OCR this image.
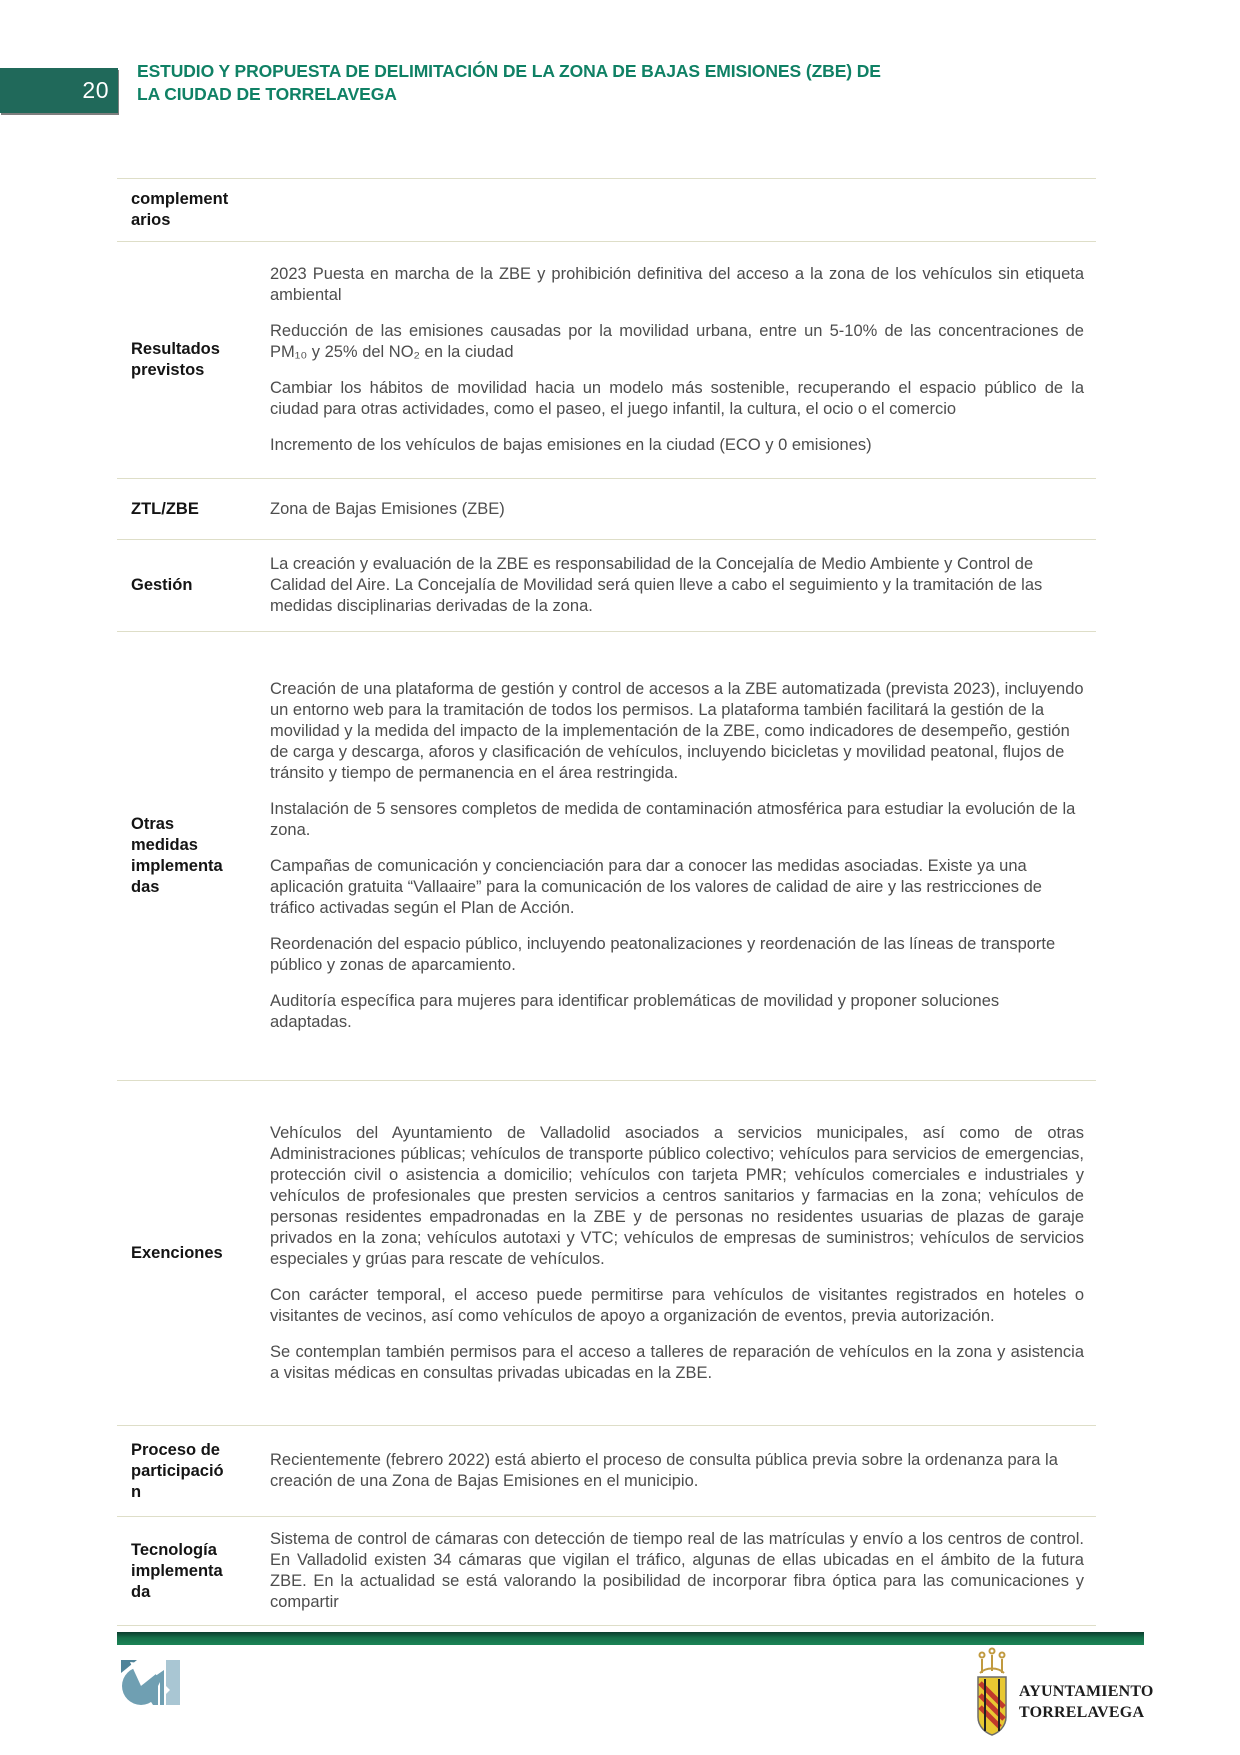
20
ESTUDIO Y PROPUESTA DE DELIMITACIÓN DE LA ZONA DE BAJAS EMISIONES (ZBE) DE LA CIUDAD DE TORRELAVEGA
complementarios
Resultados previstos

2023 Puesta en marcha de la ZBE y prohibición definitiva del acceso a la zona de los vehículos sin etiqueta ambiental

Reducción de las emisiones causadas por la movilidad urbana, entre un 5-10% de las concentraciones de PM₁₀ y 25% del NO₂ en la ciudad

Cambiar los hábitos de movilidad hacia un modelo más sostenible, recuperando el espacio público de la ciudad para otras actividades, como el paseo, el juego infantil, la cultura, el ocio o el comercio

Incremento de los vehículos de bajas emisiones en la ciudad (ECO y 0 emisiones)

ZTL/ZBE	Zona de Bajas Emisiones (ZBE)

Gestión

La creación y evaluación de la ZBE es responsabilidad de la Concejalía de Medio Ambiente y Control de Calidad del Aire. La Concejalía de Movilidad será quien lleve a cabo el seguimiento y la tramitación de las medidas disciplinarias derivadas de la zona.

Otras medidas implementadas

Creación de una plataforma de gestión y control de accesos a la ZBE automatizada (prevista 2023), incluyendo un entorno web para la tramitación de todos los permisos. La plataforma también facilitará la gestión de la movilidad y la medida del impacto de la implementación de la ZBE, como indicadores de desempeño, gestión de carga y descarga, aforos y clasificación de vehículos, incluyendo bicicletas y movilidad peatonal, flujos de tránsito y tiempo de permanencia en el área restringida.

Instalación de 5 sensores completos de medida de contaminación atmosférica para estudiar la evolución de la zona.

Campañas de comunicación y concienciación para dar a conocer las medidas asociadas. Existe ya una aplicación gratuita “Vallaaire” para la comunicación de los valores de calidad de aire y las restricciones de tráfico activadas según el Plan de Acción.

Reordenación del espacio público, incluyendo peatonalizaciones y reordenación de las líneas de transporte público y zonas de aparcamiento.

Auditoría específica para mujeres para identificar problemáticas de movilidad y proponer soluciones adaptadas.

Exenciones

Vehículos del Ayuntamiento de Valladolid asociados a servicios municipales, así como de otras Administraciones públicas; vehículos de transporte público colectivo; vehículos para servicios de emergencias, protección civil o asistencia a domicilio; vehículos con tarjeta PMR; vehículos comerciales e industriales y vehículos de profesionales que presten servicios a centros sanitarios y farmacias en la zona; vehículos de personas residentes empadronadas en la ZBE y de personas no residentes usuarias de plazas de garaje privados en la zona; vehículos autotaxi y VTC; vehículos de empresas de suministros; vehículos de servicios especiales y grúas para rescate de vehículos.

Con carácter temporal, el acceso puede permitirse para vehículos de visitantes registrados en hoteles o visitantes de vecinos, así como vehículos de apoyo a organización de eventos, previa autorización.

Se contemplan también permisos para el acceso a talleres de reparación de vehículos en la zona y asistencia a visitas médicas en consultas privadas ubicadas en la ZBE.

Proceso de participación

Recientemente (febrero 2022) está abierto el proceso de consulta pública previa sobre la ordenanza para la creación de una Zona de Bajas Emisiones en el municipio.

Tecnología implementada

Sistema de control de cámaras con detección de tiempo real de las matrículas y envío a los centros de control. En Valladolid existen 34 cámaras que vigilan el tráfico, algunas de ellas ubicadas en el ámbito de la futura ZBE. En la actualidad se está valorando la posibilidad de incorporar fibra óptica para las comunicaciones y compartir

AYUNTAMIENTO
TORRELAVEGA
